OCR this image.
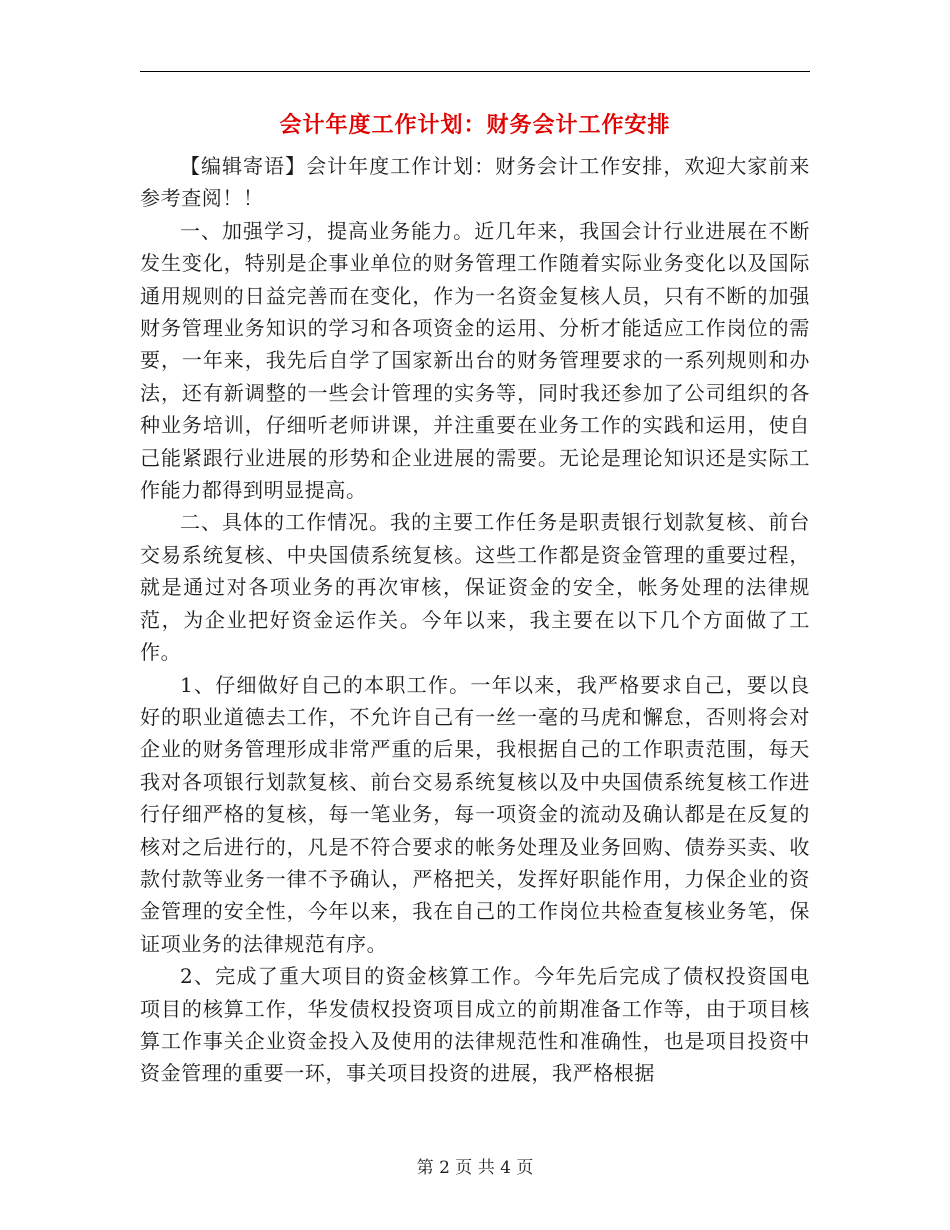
会计年度工作计划：财务会计工作安排

【编辑寄语】会计年度工作计划：财务会计工作安排，欢迎大家前来参考查阅！！

一、加强学习，提高业务能力。近几年来，我国会计行业进展在不断发生变化，特别是企事业单位的财务管理工作随着实际业务变化以及国际通用规则的日益完善而在变化，作为一名资金复核人员，只有不断的加强财务管理业务知识的学习和各项资金的运用、分析才能适应工作岗位的需要，一年来，我先后自学了国家新出台的财务管理要求的一系列规则和办法，还有新调整的一些会计管理的实务等，同时我还参加了公司组织的各种业务培训，仔细听老师讲课，并注重要在业务工作的实践和运用，使自己能紧跟行业进展的形势和企业进展的需要。无论是理论知识还是实际工作能力都得到明显提高。

二、具体的工作情况。我的主要工作任务是职责银行划款复核、前台交易系统复核、中央国债系统复核。这些工作都是资金管理的重要过程，就是通过对各项业务的再次审核，保证资金的安全，帐务处理的法律规范，为企业把好资金运作关。今年以来，我主要在以下几个方面做了工作。

1、仔细做好自己的本职工作。一年以来，我严格要求自己，要以良好的职业道德去工作，不允许自己有一丝一毫的马虎和懈怠，否则将会对企业的财务管理形成非常严重的后果，我根据自己的工作职责范围，每天我对各项银行划款复核、前台交易系统复核以及中央国债系统复核工作进行仔细严格的复核，每一笔业务，每一项资金的流动及确认都是在反复的核对之后进行的，凡是不符合要求的帐务处理及业务回购、债券买卖、收款付款等业务一律不予确认，严格把关，发挥好职能作用，力保企业的资金管理的安全性，今年以来，我在自己的工作岗位共检查复核业务笔，保证项业务的法律规范有序。

2、完成了重大项目的资金核算工作。今年先后完成了债权投资国电项目的核算工作，华发债权投资项目成立的前期准备工作等，由于项目核算工作事关企业资金投入及使用的法律规范性和准确性，也是项目投资中资金管理的重要一环，事关项目投资的进展，我严格根据

第 2 页 共 4 页
